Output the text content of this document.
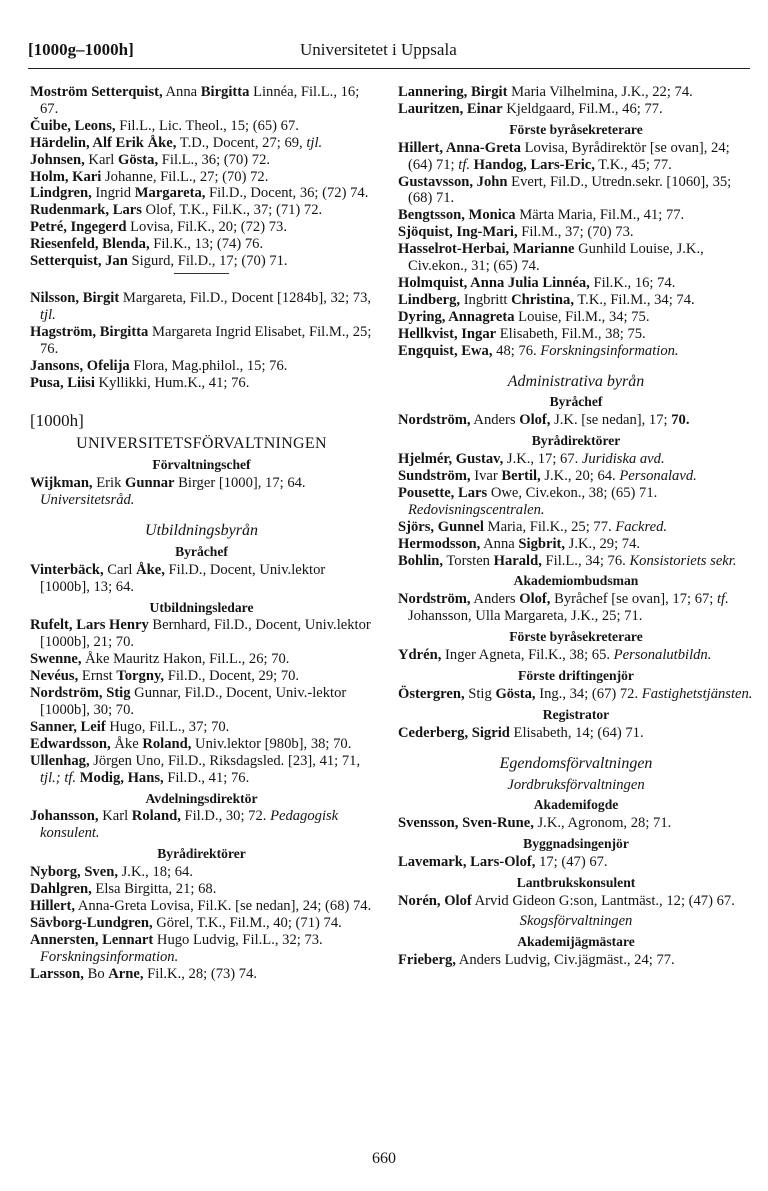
[1000g–1000h]	Universitetet i Uppsala

Moström Setterquist, Anna Birgitta Linnéa, Fil.L., 16; 67.

Čuibe, Leons, Fil.L., Lic. Theol., 15; (65) 67.

Härdelin, Alf Erik Åke, T.D., Docent, 27; 69, tjl.

Johnsen, Karl Gösta, Fil.L., 36; (70) 72.

Holm, Kari Johanne, Fil.L., 27; (70) 72.

Lindgren, Ingrid Margareta, Fil.D., Docent, 36; (72) 74.

Rudenmark, Lars Olof, T.K., Fil.K., 37; (71) 72.

Petré, Ingegerd Lovisa, Fil.K., 20; (72) 73.

Riesenfeld, Blenda, Fil.K., 13; (74) 76.

Setterquist, Jan Sigurd, Fil.D., 17; (70) 71.

Nilsson, Birgit Margareta, Fil.D., Docent [1284b], 32; 73, tjl.

Hagström, Birgitta Margareta Ingrid Elisabet, Fil.M., 25; 76.

Jansons, Ofelija Flora, Mag.philol., 15; 76.

Pusa, Liisi Kyllikki, Hum.K., 41; 76.

[1000h]
UNIVERSITETSFÖRVALTNINGEN
Förvaltningschef

Wijkman, Erik Gunnar Birger [1000], 17; 64. Universitetsråd.

Utbildningsbyrån
Byråchef

Vinterbäck, Carl Åke, Fil.D., Docent, Univ.lektor [1000b], 13; 64.

Utbildningsledare

Rufelt, Lars Henry Bernhard, Fil.D., Docent, Univ.lektor [1000b], 21; 70.

Swenne, Åke Mauritz Hakon, Fil.L., 26; 70.

Nevéus, Ernst Torgny, Fil.D., Docent, 29; 70.

Nordström, Stig Gunnar, Fil.D., Docent, Univ.-lektor [1000b], 30; 70.

Sanner, Leif Hugo, Fil.L., 37; 70.

Edwardsson, Åke Roland, Univ.lektor [980b], 38; 70.

Ullenhag, Jörgen Uno, Fil.D., Riksdagsled. [23], 41; 71, tjl.; tf. Modig, Hans, Fil.D., 41; 76.

Avdelningsdirektör

Johansson, Karl Roland, Fil.D., 30; 72. Pedagogisk konsulent.

Byrådirektörer

Nyborg, Sven, J.K., 18; 64.

Dahlgren, Elsa Birgitta, 21; 68.

Hillert, Anna-Greta Lovisa, Fil.K. [se nedan], 24; (68) 74.

Sävborg-Lundgren, Görel, T.K., Fil.M., 40; (71) 74.

Annersten, Lennart Hugo Ludvig, Fil.L., 32; 73. Forskningsinformation.

Larsson, Bo Arne, Fil.K., 28; (73) 74.

Lannering, Birgit Maria Vilhelmina, J.K., 22; 74.

Lauritzen, Einar Kjeldgaard, Fil.M., 46; 77.

Förste byråsekreterare

Hillert, Anna-Greta Lovisa, Byrådirektör [se ovan], 24; (64) 71; tf. Handog, Lars-Eric, T.K., 45; 77.

Gustavsson, John Evert, Fil.D., Utredn.sekr. [1060], 35; (68) 71.

Bengtsson, Monica Märta Maria, Fil.M., 41; 77.

Sjöquist, Ing-Mari, Fil.M., 37; (70) 73.

Hasselrot-Herbai, Marianne Gunhild Louise, J.K., Civ.ekon., 31; (65) 74.

Holmquist, Anna Julia Linnéa, Fil.K., 16; 74.

Lindberg, Ingbritt Christina, T.K., Fil.M., 34; 74.

Dyring, Annagreta Louise, Fil.M., 34; 75.

Hellkvist, Ingar Elisabeth, Fil.M., 38; 75.

Engquist, Ewa, 48; 76. Forskningsinformation.

Administrativa byrån
Byråchef

Nordström, Anders Olof, J.K. [se nedan], 17; 70.

Byrådirektörer

Hjelmér, Gustav, J.K., 17; 67. Juridiska avd.

Sundström, Ivar Bertil, J.K., 20; 64. Personalavd.

Pousette, Lars Owe, Civ.ekon., 38; (65) 71. Redovisningscentralen.

Sjörs, Gunnel Maria, Fil.K., 25; 77. Fackred.

Hermodsson, Anna Sigbrit, J.K., 29; 74.

Bohlin, Torsten Harald, Fil.L., 34; 76. Konsistoriets sekr.

Akademiombudsman

Nordström, Anders Olof, Byråchef [se ovan], 17; 67; tf. Johansson, Ulla Margareta, J.K., 25; 71.

Förste byråsekreterare

Ydrén, Inger Agneta, Fil.K., 38; 65. Personalutbildn.

Förste driftingenjör

Östergren, Stig Gösta, Ing., 34; (67) 72. Fastighetstjänsten.

Registrator

Cederberg, Sigrid Elisabeth, 14; (64) 71.

Egendomsförvaltningen
Jordbruksförvaltningen
Akademifogde

Svensson, Sven-Rune, J.K., Agronom, 28; 71.

Byggnadsingenjör

Lavemark, Lars-Olof, 17; (47) 67.

Lantbrukskonsulent

Norén, Olof Arvid Gideon G:son, Lantmäst., 12; (47) 67.

Skogsförvaltningen
Akademijägmästare

Frieberg, Anders Ludvig, Civ.jägmäst., 24; 77.

660
